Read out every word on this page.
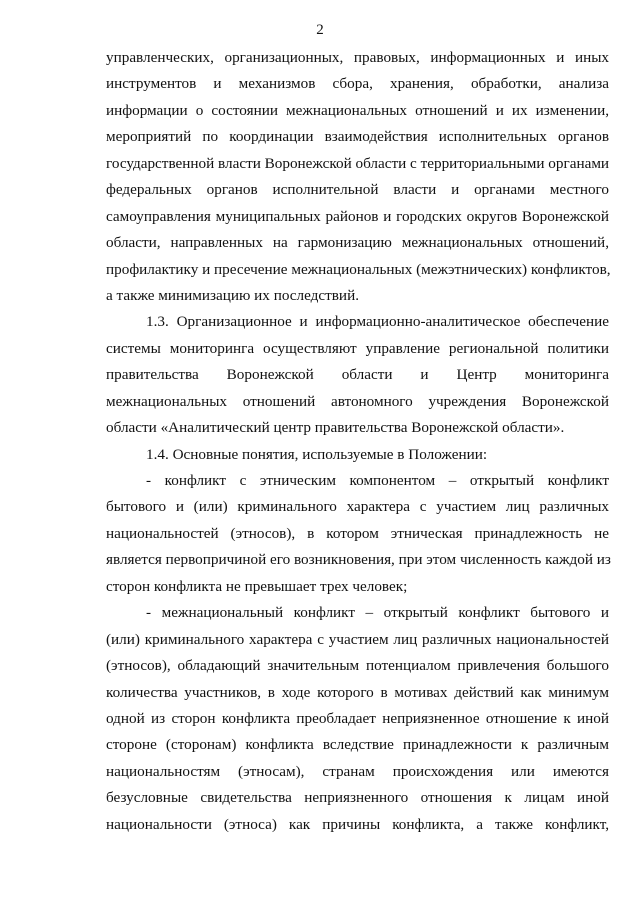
2
управленческих, организационных, правовых, информационных и иных
инструментов и механизмов сбора, хранения, обработки, анализа
информации о состоянии межнациональных отношений и их изменении,
мероприятий по координации взаимодействия исполнительных органов
государственной власти Воронежской области с территориальными органами
федеральных органов исполнительной власти и органами местного
самоуправления муниципальных районов и городских округов Воронежской
области, направленных на гармонизацию межнациональных отношений,
профилактику и пресечение межнациональных (межэтнических) конфликтов,
а также минимизацию их последствий.
1.3. Организационное и информационно-аналитическое обеспечение
системы мониторинга осуществляют управление региональной политики
правительства Воронежской области и Центр мониторинга
межнациональных отношений автономного учреждения Воронежской
области «Аналитический центр правительства Воронежской области».
1.4. Основные понятия, используемые в Положении:
- конфликт с этническим компонентом – открытый конфликт
бытового и (или) криминального характера с участием лиц различных
национальностей (этносов), в котором этническая принадлежность не
является первопричиной его возникновения, при этом численность каждой из
сторон конфликта не превышает трех человек;
- межнациональный конфликт – открытый конфликт бытового и
(или) криминального характера с участием лиц различных национальностей
(этносов), обладающий значительным потенциалом привлечения большого
количества участников, в ходе которого в мотивах действий как минимум
одной из сторон конфликта преобладает неприязненное отношение к иной
стороне (сторонам) конфликта вследствие принадлежности к различным
национальностям (этносам), странам происхождения или имеются
безусловные свидетельства неприязненного отношения к лицам иной
национальности (этноса) как причины конфликта, а также конфликт,
